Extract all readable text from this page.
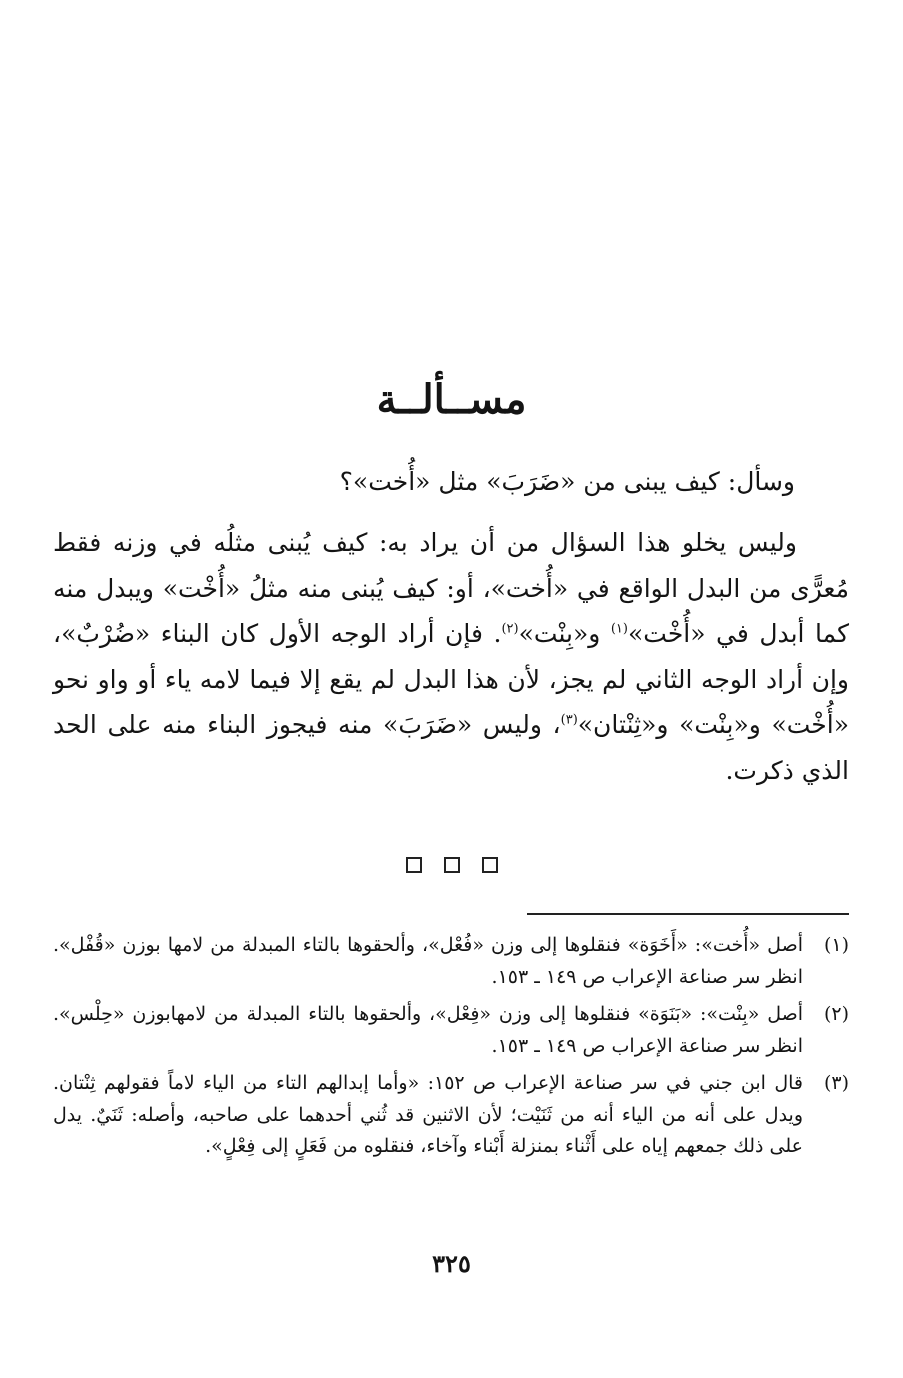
مســألــة
وسأل: كيف يبنى من «ضَرَبَ» مثل «أُخت»؟

وليس يخلو هذا السؤال من أن يراد به: كيف يُبنى مثلُه في وزنه فقط مُعرًّى من البدل الواقع في «أُخت»، أو: كيف يُبنى منه مثلُ «أُخْت» ويبدل منه كما أبدل في «أُخْت»$^{(١)}$ و«بِنْت»$^{(٢)}$. فإن أراد الوجه الأول كان البناء «ضُرْبٌ»، وإن أراد الوجه الثاني لم يجز، لأن هذا البدل لم يقع إلا فيما لامه ياء أو واو نحو «أُخْت» و«بِنْت» و«ثِنْتان»$^{(٣)}$، وليس «ضَرَبَ» منه فيجوز البناء منه على الحد الذي ذكرت.

(١)
أصل «أُخت»: «أَخَوَة» فنقلوها إلى وزن «فُعْل»، وألحقوها بالتاء المبدلة من لامها بوزن «قُفْل». انظر سر صناعة الإعراب ص ١٤٩ ـ ١٥٣.
(٢)
أصل «بِنْت»: «بَنَوَة» فنقلوها إلى وزن «فِعْل»، وألحقوها بالتاء المبدلة من لامهابوزن «حِلْس». انظر سر صناعة الإعراب ص ١٤٩ ـ ١٥٣.
(٣)
قال ابن جني في سر صناعة الإعراب ص ١٥٢: «وأما إبدالهم التاء من الياء لاماً فقولهم ثِنْتان. ويدل على أنه من الياء أنه من ثَنَيْت؛ لأن الاثنين قد ثُني أحدهما على صاحبه، وأصله: ثَنَيٌ. يدل على ذلك جمعهم إياه على أَثْناء بمنزلة أَبْناء وآخاء، فنقلوه من فَعَلٍ إلى فِعْلٍ».
٣٢٥
